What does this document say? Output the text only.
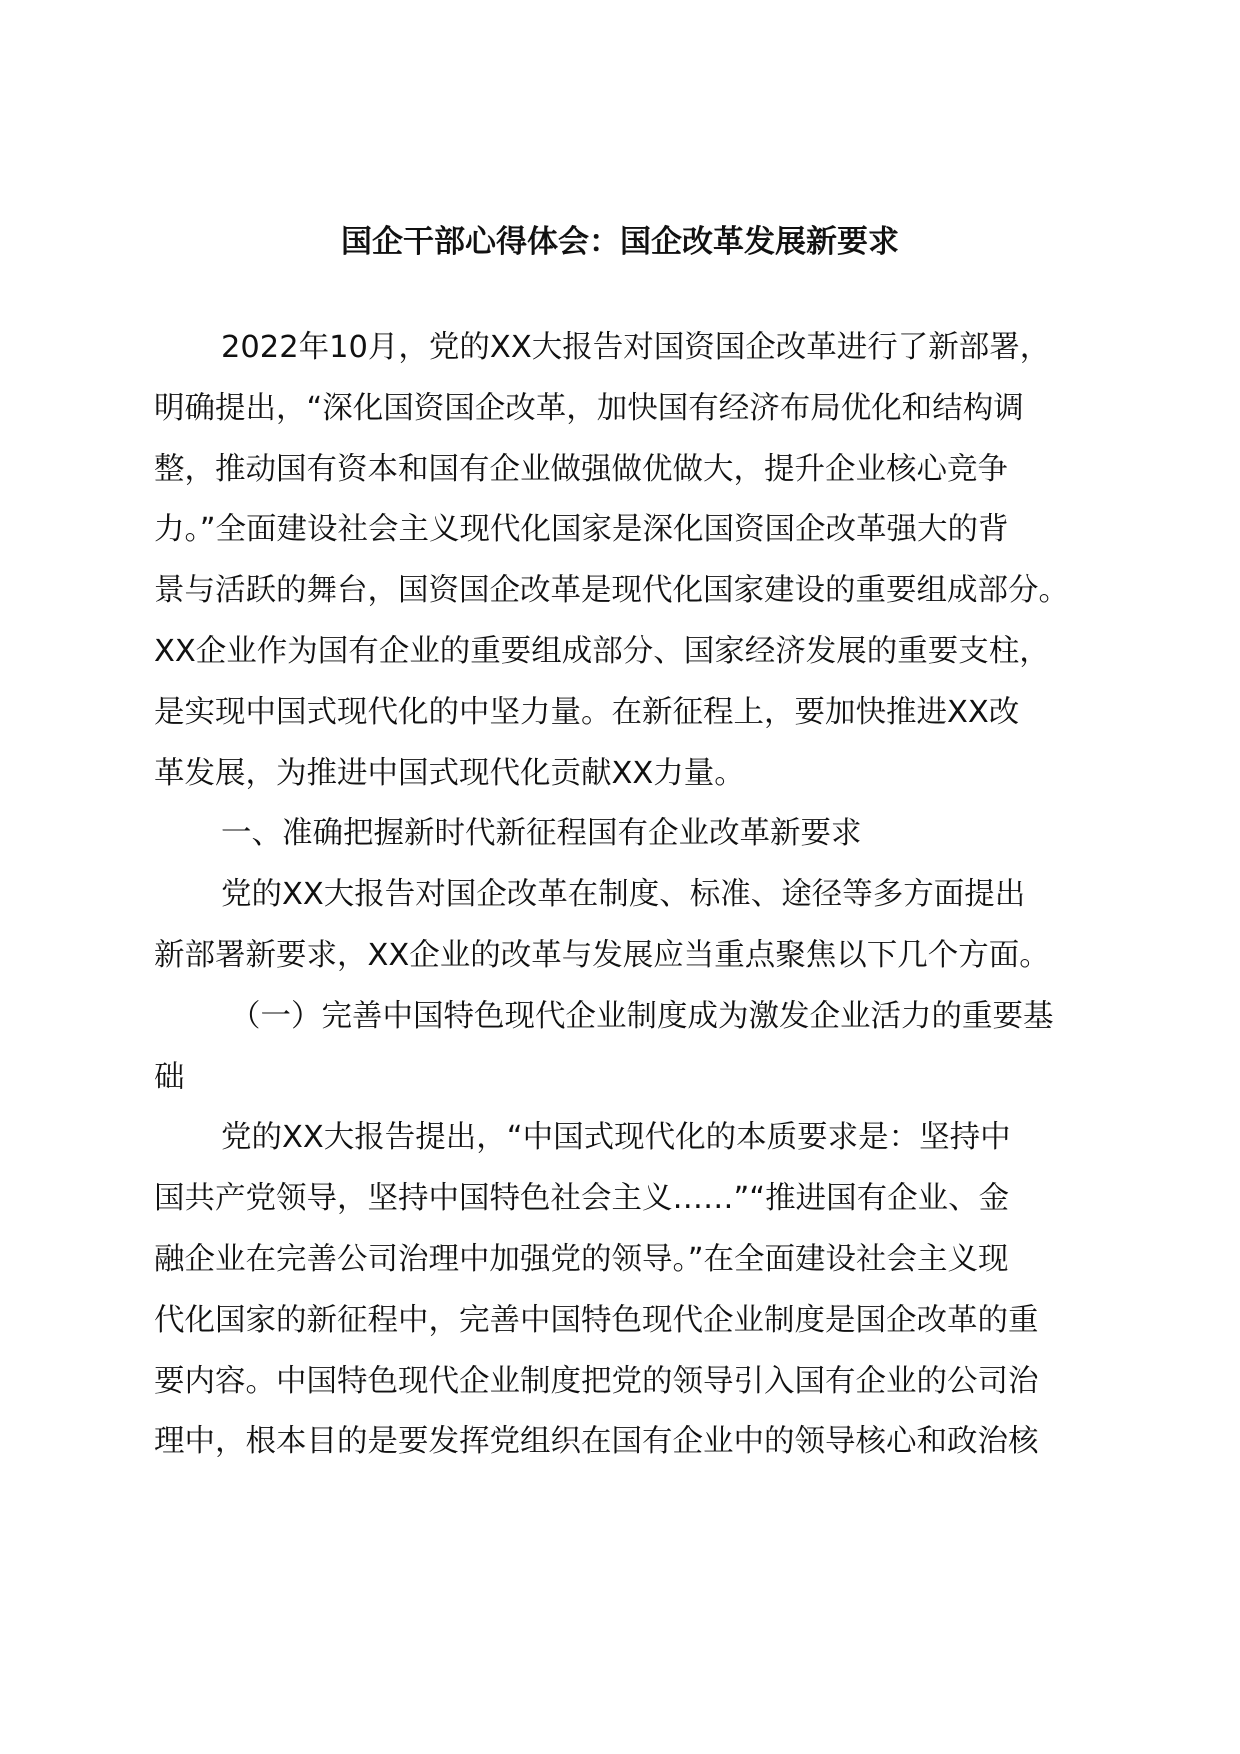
国企干部心得体会：国企改革发展新要求
2022年10月，党的XX大报告对国资国企改革进行了新部署，
明确提出，“深化国资国企改革，加快国有经济布局优化和结构调
整，推动国有资本和国有企业做强做优做大，提升企业核心竞争
力。”全面建设社会主义现代化国家是深化国资国企改革强大的背
景与活跃的舞台，国资国企改革是现代化国家建设的重要组成部分。
XX企业作为国有企业的重要组成部分、国家经济发展的重要支柱，
是实现中国式现代化的中坚力量。在新征程上，要加快推进XX改
革发展，为推进中国式现代化贡献XX力量。
一、准确把握新时代新征程国有企业改革新要求
党的XX大报告对国企改革在制度、标准、途径等多方面提出
新部署新要求，XX企业的改革与发展应当重点聚焦以下几个方面。
（一）完善中国特色现代企业制度成为激发企业活力的重要基
础
党的XX大报告提出，“中国式现代化的本质要求是：坚持中
国共产党领导，坚持中国特色社会主义……”“推进国有企业、金
融企业在完善公司治理中加强党的领导。”在全面建设社会主义现
代化国家的新征程中，完善中国特色现代企业制度是国企改革的重
要内容。中国特色现代企业制度把党的领导引入国有企业的公司治
理中，根本目的是要发挥党组织在国有企业中的领导核心和政治核
